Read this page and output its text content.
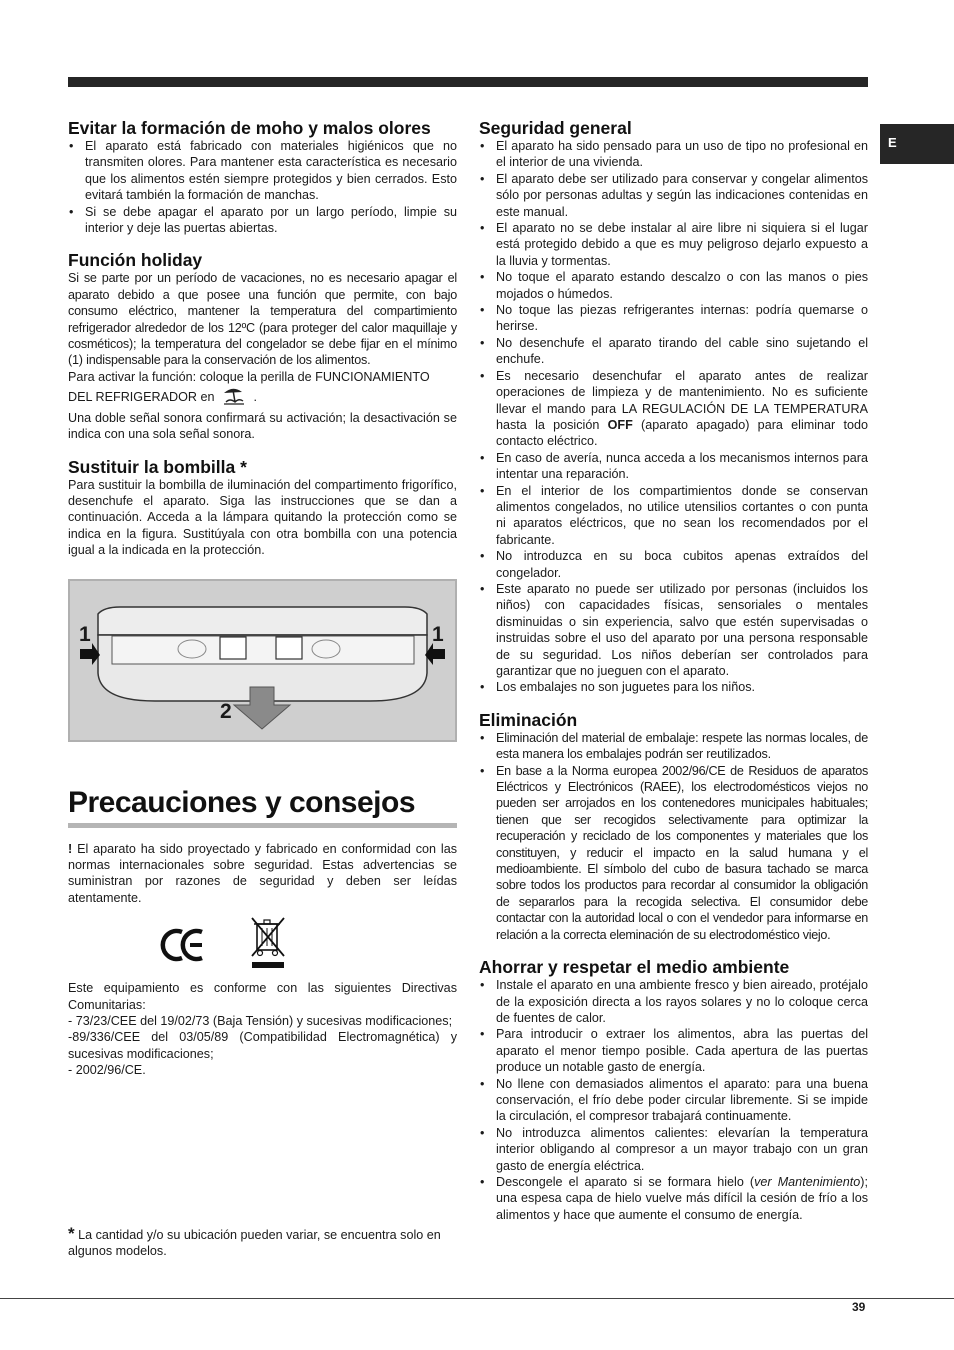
E
Evitar la formación de moho y malos olores
• El aparato está fabricado con materiales higiénicos que no transmiten olores. Para mantener esta característica es necesario que los alimentos estén siempre protegidos y bien cerrados. Esto evitará también la formación de manchas.
• Si se debe apagar el aparato por un largo período, limpie su interior y deje las puertas abiertas.
Función holiday

Si se parte por un período de vacaciones, no es necesario apagar el aparato debido a que posee una función que permite, con bajo consumo eléctrico, mantener la temperatura del compartimiento refrigerador alrededor de los 12ºC (para proteger del calor maquillaje y cosméticos); la temperatura del congelador se debe fijar en el mínimo (1) indispensable para la conservación de los alimentos.

Para activar la función: coloque la perilla de FUNCIONAMIENTO DEL REFRIGERADOR en	.

Una doble señal sonora confirmará su activación; la desactivación se indica con una sola señal sonora.

Sustituir la bombilla *

Para sustituir la bombilla de iluminación del compartimento frigorífico, desenchufe el aparato. Siga las instrucciones que se dan a continuación. Acceda a la lámpara quitando la protección como se indica en la figura. Sustitúyala con otra bombilla con una potencia igual a la indicada en la protección.

1	1
2
Precauciones y consejos

! El aparato ha sido proyectado y fabricado en conformidad con las normas internacionales sobre seguridad. Estas advertencias se suministran por razones de seguridad y deben ser leídas atentamente.

Este equipamiento es conforme con las siguientes Directivas Comunitarias:

- 73/23/CEE del 19/02/73 (Baja Tensión) y sucesivas modificaciones;

-89/336/CEE del 03/05/89 (Compatibilidad Electromagnética) y sucesivas modificaciones;

- 2002/96/CE.

* La cantidad y/o su ubicación pueden variar, se encuentra solo en algunos modelos.

Seguridad general
• El aparato ha sido pensado para un uso de tipo no profesional en el interior de una vivienda.
• El aparato debe ser utilizado para conservar y congelar alimentos sólo por personas adultas y según las indicaciones contenidas en este manual.
• El aparato no se debe instalar al aire libre ni siquiera si el lugar está protegido debido a que es muy peligroso dejarlo expuesto a la lluvia y tormentas.
• No toque el aparato estando descalzo o con las manos o pies mojados o húmedos.
• No toque las piezas refrigerantes internas: podría quemarse o herirse.
• No desenchufe el aparato tirando del cable sino sujetando el enchufe.
• Es necesario desenchufar el aparato antes de realizar operaciones de limpieza y de mantenimiento. No es suficiente llevar el mando para LA REGULACIÓN DE LA TEMPERATURA hasta la posición OFF (aparato apagado) para eliminar todo contacto eléctrico.
• En caso de avería, nunca acceda a los mecanismos internos para intentar una reparación.
• En el interior de los compartimientos donde se conservan alimentos congelados, no utilice utensilios cortantes o con punta ni aparatos eléctricos, que no sean los recomendados por el fabricante.
• No introduzca en su boca cubitos apenas extraídos del congelador.
• Este aparato no puede ser utilizado por personas (incluidos los niños) con capacidades físicas, sensoriales o mentales disminuidas o sin experiencia, salvo que estén supervisadas o instruidas sobre el uso del aparato por una persona responsable de su seguridad. Los niños deberían ser controlados para garantizar que no jueguen con el aparato.
• Los embalajes no son juguetes para los niños.
Eliminación
• Eliminación del material de embalaje: respete las normas locales, de esta manera los embalajes podrán ser reutilizados.
• En base a la Norma europea 2002/96/CE de Residuos de aparatos Eléctricos y Electrónicos (RAEE), los electrodomésticos viejos no pueden ser arrojados en los contenedores municipales habituales; tienen que ser recogidos selectivamente para optimizar la recuperación y reciclado de los componentes y materiales que los constituyen, y reducir el impacto en la salud humana y el medioambiente. El símbolo del cubo de basura tachado se marca sobre todos los productos para recordar al consumidor la obligación de separarlos para la recogida selectiva. El consumidor debe contactar con la autoridad local o con el vendedor para informarse en relación a la correcta eleminación de su electrodoméstico viejo.
Ahorrar y respetar el medio ambiente
• Instale el aparato en una ambiente fresco y bien aireado, protéjalo de la exposición directa a los rayos solares y no lo coloque cerca de fuentes de calor.
• Para introducir o extraer los alimentos, abra las puertas del aparato el menor tiempo posible. Cada apertura de las puertas produce un notable gasto de energía.
• No llene con demasiados alimentos el aparato: para una buena conservación, el frío debe poder circular libremente. Si se impide la circulación, el compresor trabajará continuamente.
• No introduzca alimentos calientes: elevarían la temperatura interior obligando al compresor a un mayor trabajo con un gran gasto de energía eléctrica.
• Descongele el aparato si se formara hielo (ver Mantenimiento); una espesa capa de hielo vuelve más difícil la cesión de frío a los alimentos y hace que aumente el consumo de energía.
39
